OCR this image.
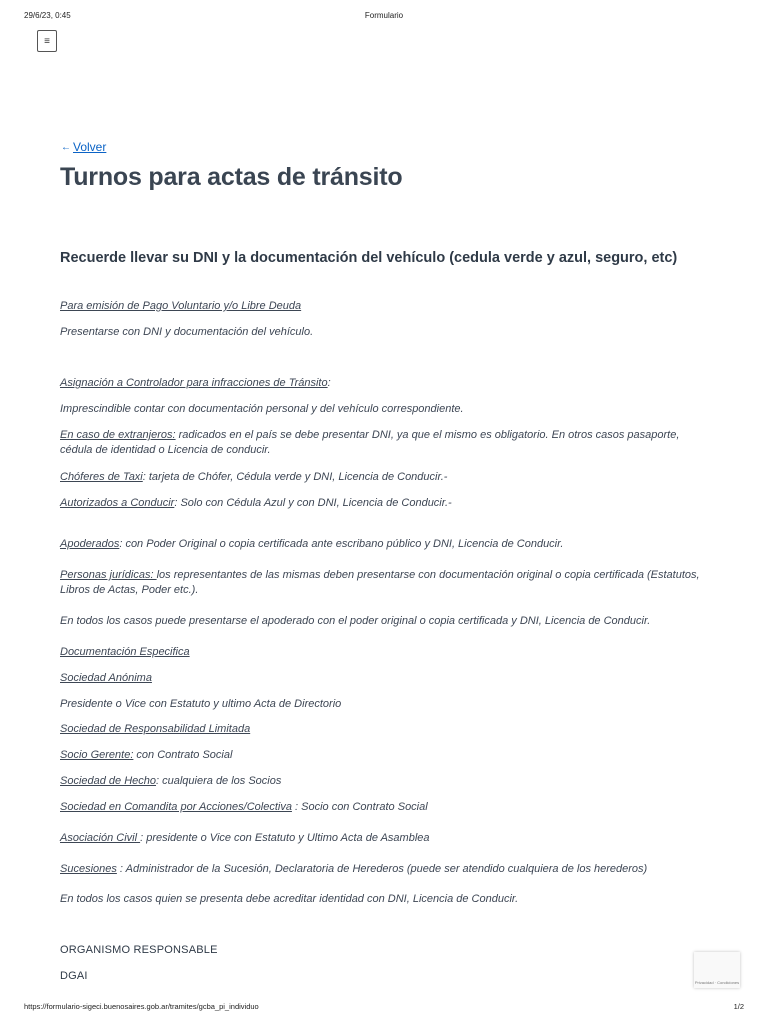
29/6/23, 0:45	Formulario
≡
← Volver
Turnos para actas de tránsito
Recuerde llevar su DNI y la documentación del vehículo (cedula verde y azul, seguro, etc)

Para emisión de Pago Voluntario y/o Libre Deuda

Presentarse con DNI y documentación del vehículo.

Asignación a Controlador para infracciones de Tránsito:

Imprescindible contar con documentación personal y del vehículo correspondiente.

En caso de extranjeros: radicados en el país se debe presentar DNI, ya que el mismo es obligatorio. En otros casos pasaporte, cédula de identidad o Licencia de conducir.

Chóferes de Taxi: tarjeta de Chófer, Cédula verde y DNI, Licencia de Conducir.-

Autorizados a Conducir: Solo con Cédula Azul y con DNI, Licencia de Conducir.-

Apoderados: con Poder Original o copia certificada ante escribano público y DNI, Licencia de Conducir.

Personas jurídicas: los representantes de las mismas deben presentarse con documentación original o copia certificada (Estatutos, Libros de Actas, Poder etc.).

En todos los casos puede presentarse el apoderado con el poder original o copia certificada y DNI, Licencia de Conducir.

Documentación Especifica

Sociedad Anónima

Presidente o Vice con Estatuto y ultimo Acta de Directorio

Sociedad de Responsabilidad Limitada

Socio Gerente: con Contrato Social

Sociedad de Hecho: cualquiera de los Socios

Sociedad en Comandita por Acciones/Colectiva : Socio con Contrato Social

Asociación Civil : presidente o Vice con Estatuto y Ultimo Acta de Asamblea

Sucesiones : Administrador de la Sucesión, Declaratoria de Herederos (puede ser atendido cualquiera de los herederos)

En todos los casos quien se presenta debe acreditar identidad con DNI, Licencia de Conducir.

ORGANISMO RESPONSABLE

DGAI

Privacidad · Condiciones
https://formulario-sigeci.buenosaires.gob.ar/tramites/gcba_pi_individuo	1/2
